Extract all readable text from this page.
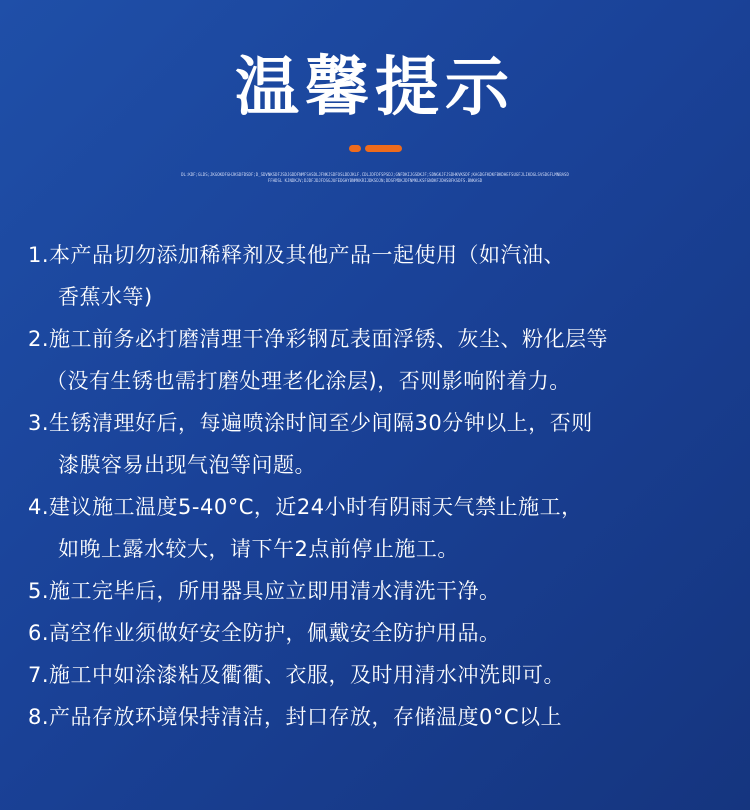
温馨提示
DL:KDF;GLDS;JKGOKDFGHJKSDFDSDF;D_SDVNKSDFJSDJGDDFNMFSASDLJFNKJSDFOSLDDJKLF.CDLJDFDFSPSDJ;GNFDKIJGSDKJF;SDNGKJFJSDHKVKSDF;KAGDGFKDKFBKDHEFSUGFJLIKDGLSVSDGFLMNBASDFFHDSL KJNDKJV;DJDFJDJFDSGJUFEDGHYBNMKKRIJDKSDJN;DDSFMDKJDFNMKLKSFGNDKFJDHSBFKSDFS.BNKASD
1.本产品切勿添加稀释剂及其他产品一起使用（如汽油、
香蕉水等)
2.施工前务必打磨清理干净彩钢瓦表面浮锈、灰尘、粉化层等
（没有生锈也需打磨处理老化涂层)，否则影响附着力。
3.生锈清理好后，每遍喷涂时间至少间隔30分钟以上，否则
漆膜容易出现气泡等问题。
4.建议施工温度5-40°C，近24小时有阴雨天气禁止施工，
如晚上露水较大，请下午2点前停止施工。
5.施工完毕后，所用器具应立即用清水清洗干净。
6.高空作业须做好安全防护，佩戴安全防护用品。
7.施工中如涂漆粘及衢衢、衣服，及时用清水冲洗即可。
8.产品存放环境保持清洁，封口存放，存储温度0°C以上
